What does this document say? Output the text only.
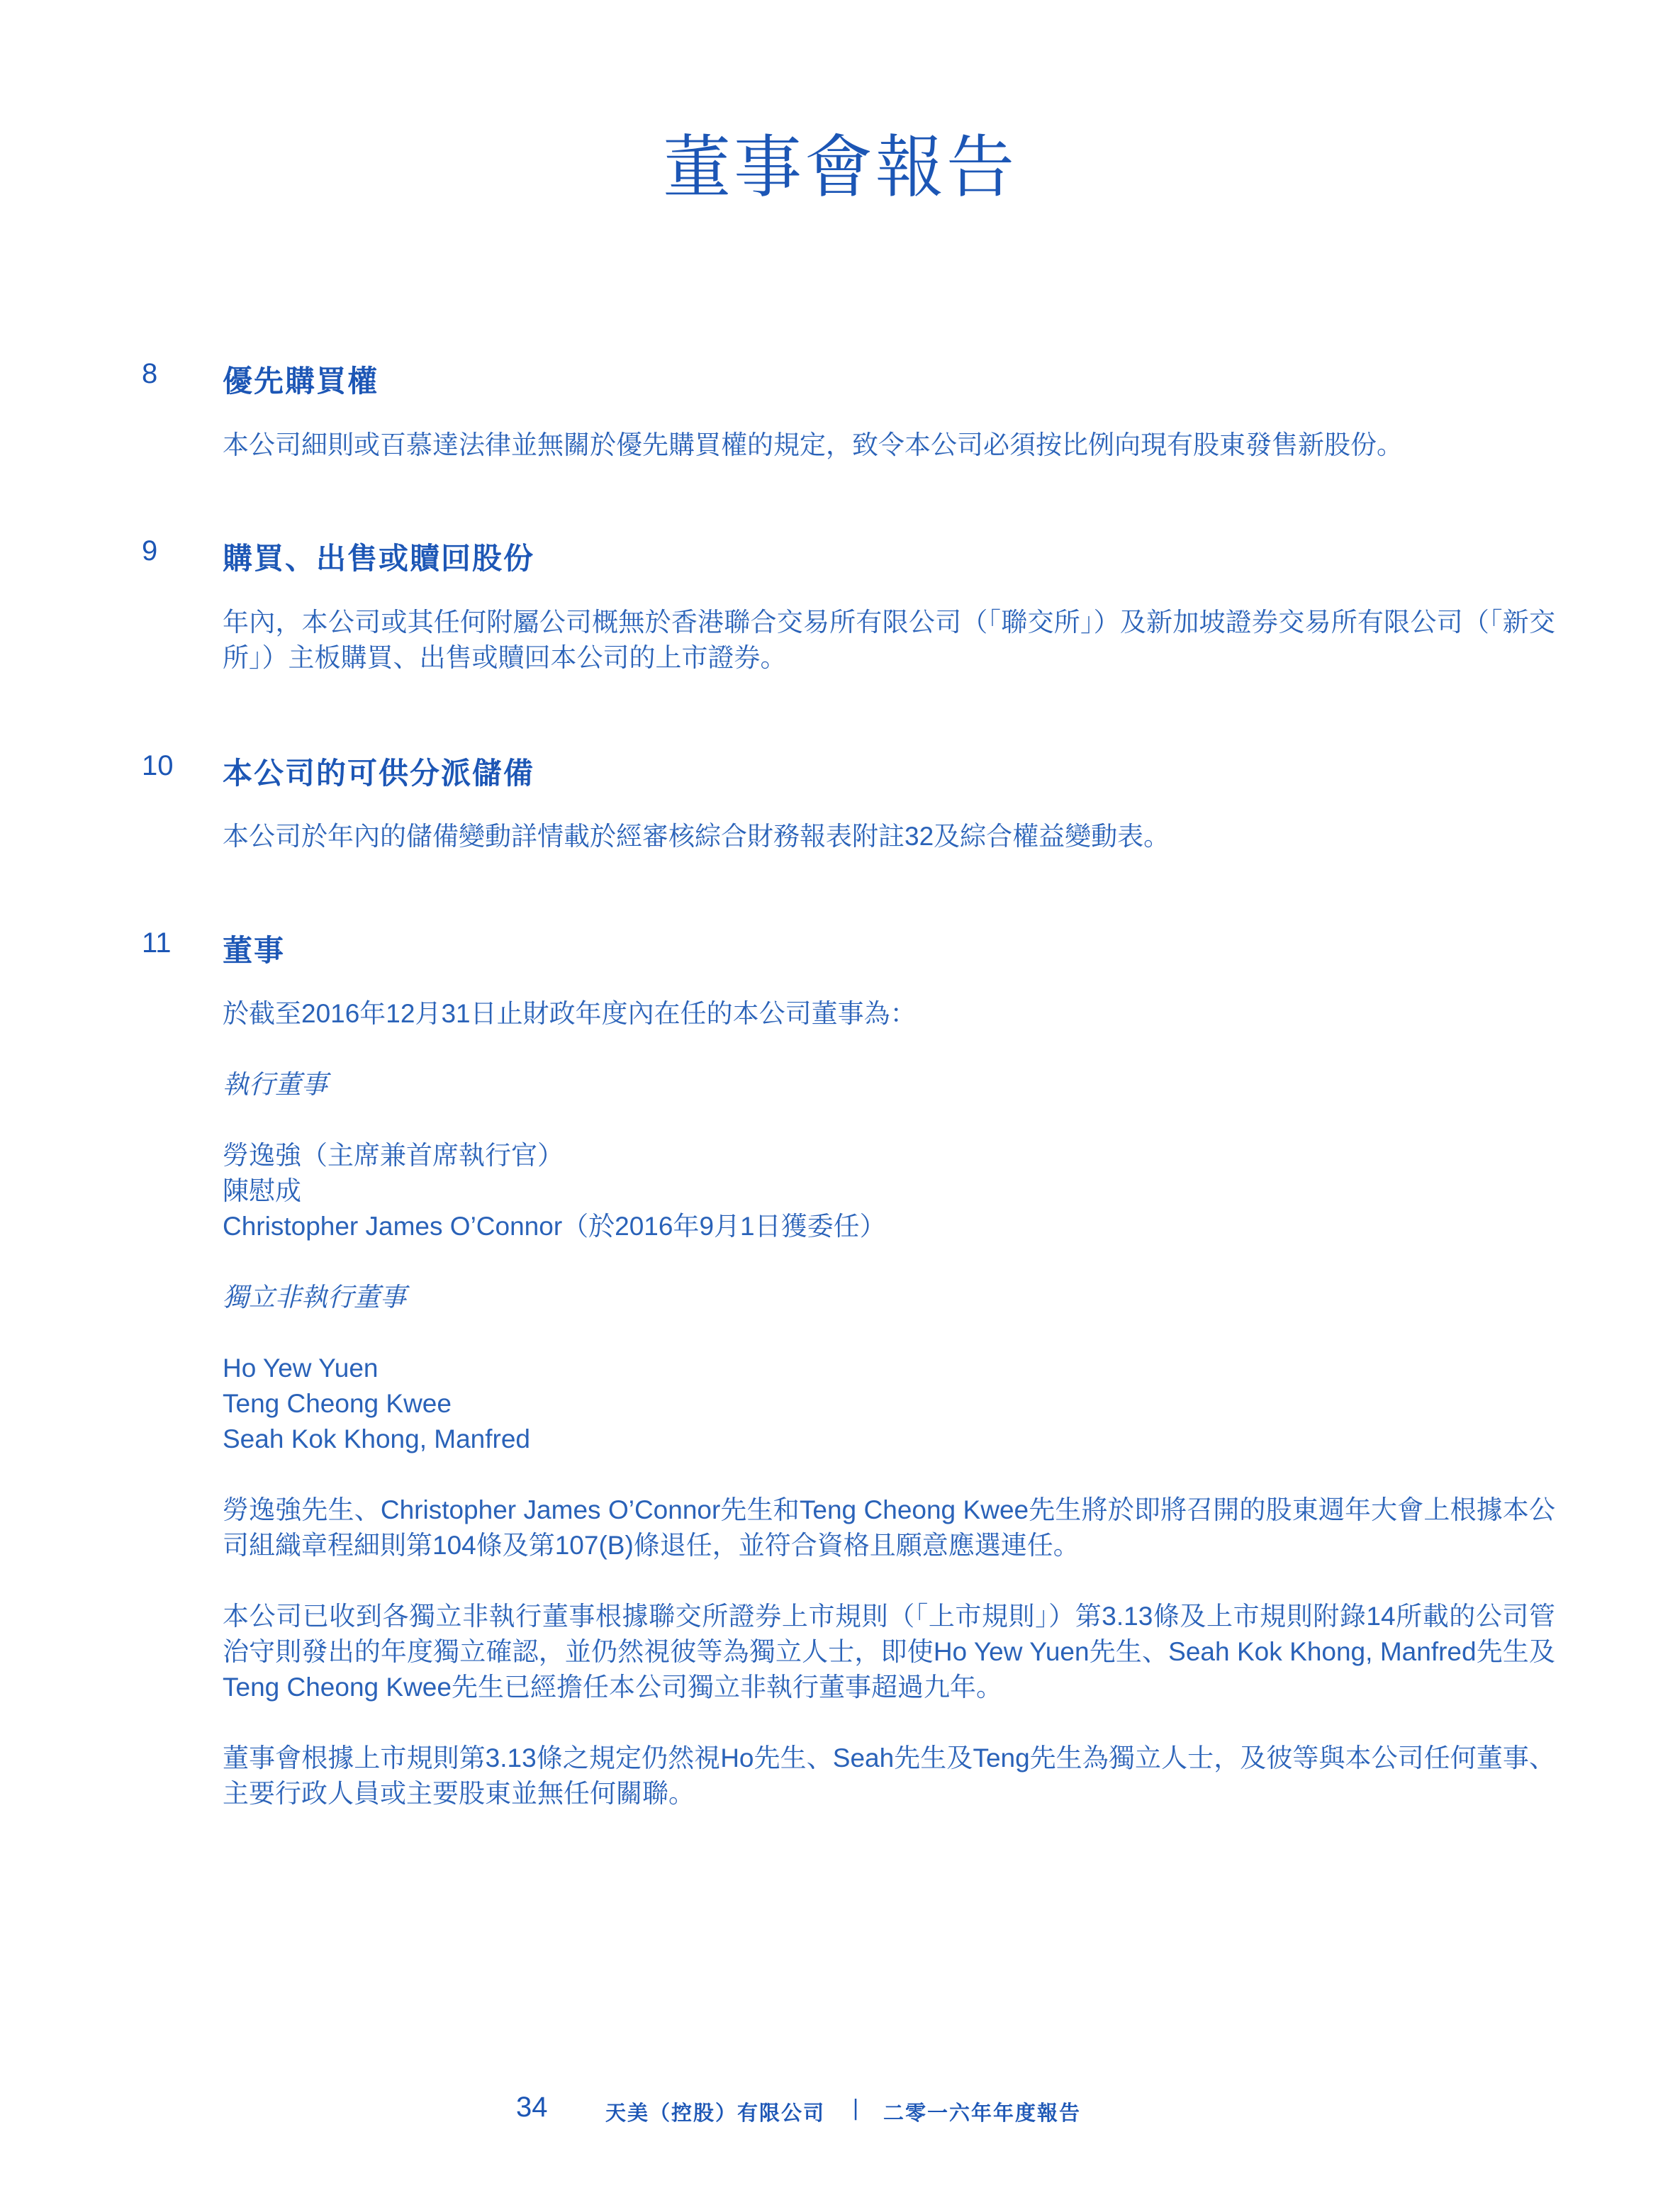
董事會報告
8 優先購買權

本公司細則或百慕達法律並無關於優先購買權的規定，致令本公司必須按比例向現有股東發售新股份。

9 購買、出售或贖回股份

年內，本公司或其任何附屬公司概無於香港聯合交易所有限公司（「聯交所」）及新加坡證券交易所有限公司（「新交所」）主板購買、出售或贖回本公司的上市證券。

10 本公司的可供分派儲備

本公司於年內的儲備變動詳情載於經審核綜合財務報表附註32及綜合權益變動表。

11 董事

於截至2016年12月31日止財政年度內在任的本公司董事為：

執行董事

勞逸強（主席兼首席執行官）
陳慰成
Christopher James O’Connor（於2016年9月1日獲委任）

獨立非執行董事

Ho Yew Yuen
Teng Cheong Kwee
Seah Kok Khong, Manfred

勞逸強先生、Christopher James O’Connor先生和Teng Cheong Kwee先生將於即將召開的股東週年大會上根據本公司組織章程細則第104條及第107(B)條退任，並符合資格且願意應選連任。

本公司已收到各獨立非執行董事根據聯交所證券上市規則（「上市規則」）第3.13條及上市規則附錄14所載的公司管治守則發出的年度獨立確認，並仍然視彼等為獨立人士，即使Ho Yew Yuen先生、Seah Kok Khong, Manfred先生及Teng Cheong Kwee先生已經擔任本公司獨立非執行董事超過九年。

董事會根據上市規則第3.13條之規定仍然視Ho先生、Seah先生及Teng先生為獨立人士，及彼等與本公司任何董事、主要行政人員或主要股東並無任何關聯。

34	天美（控股）有限公司 | 二零一六年年度報告
